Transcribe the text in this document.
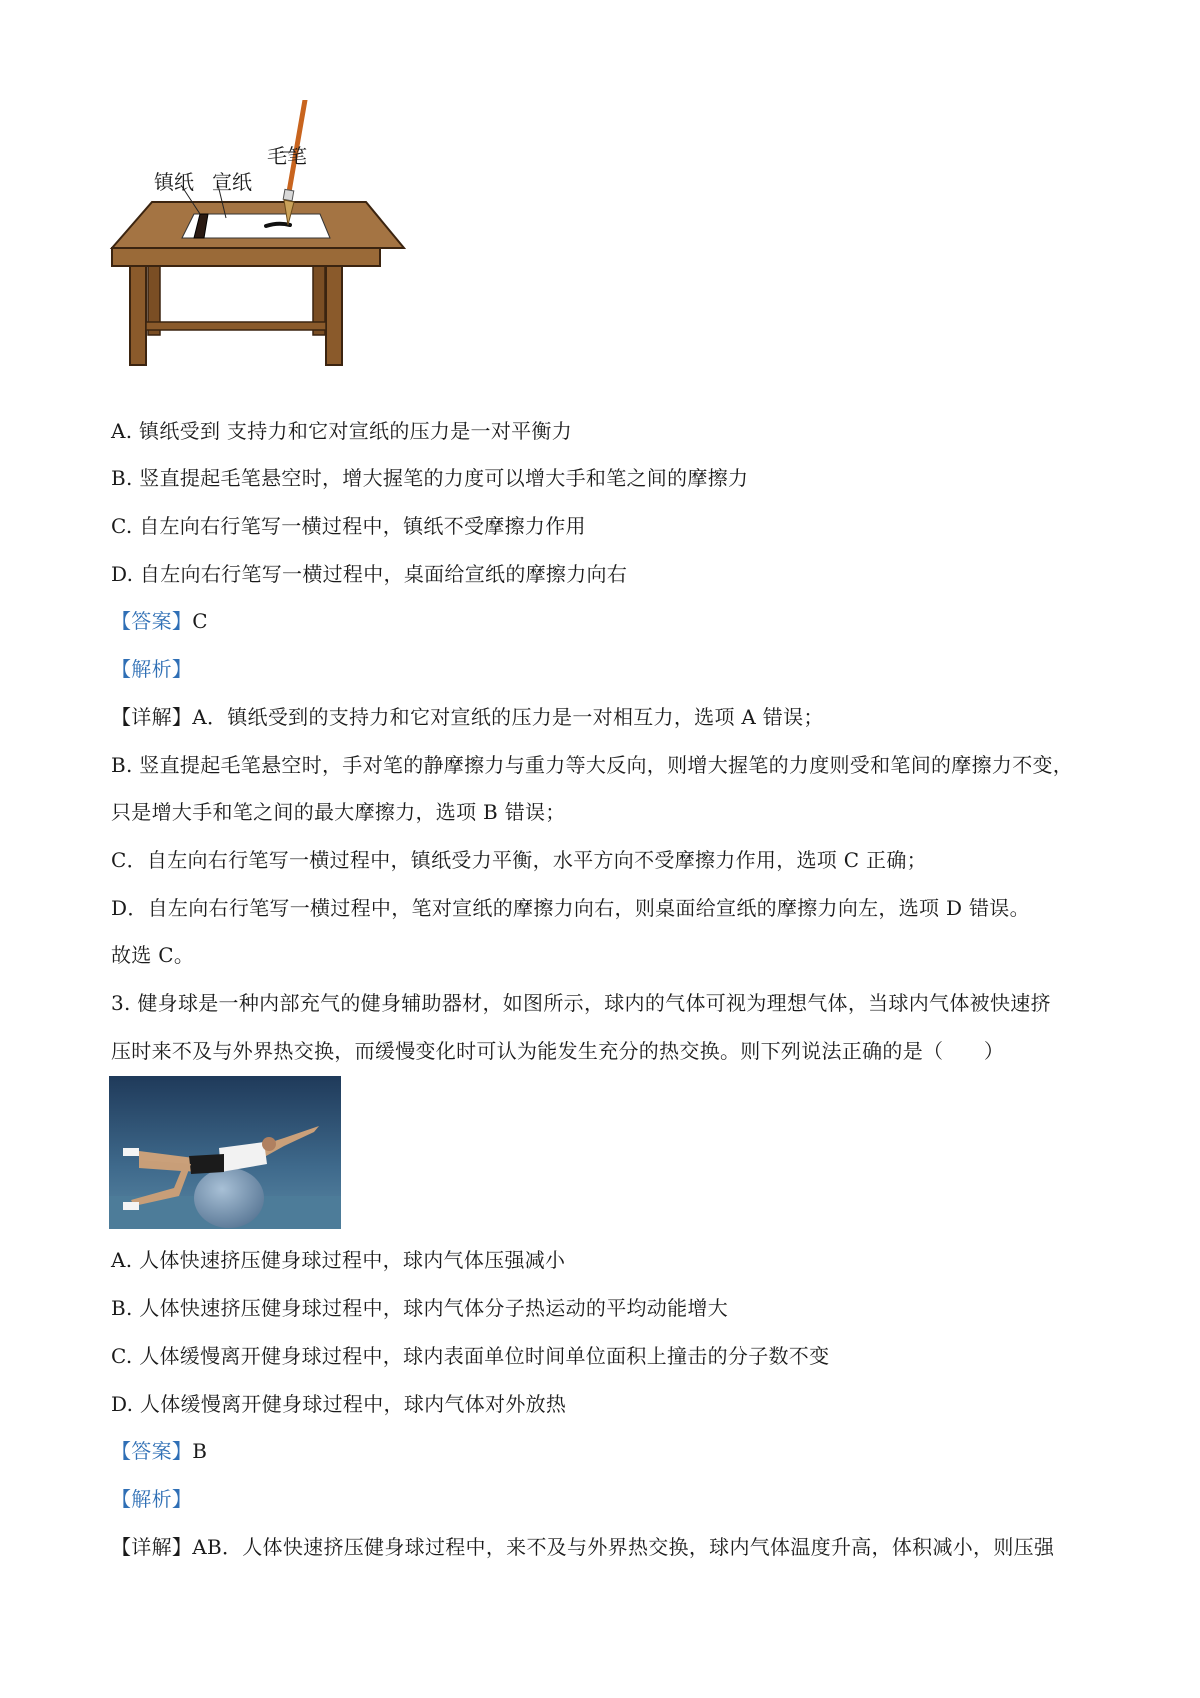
毛笔
镇纸 宣纸
A. 镇纸受到 支持力和它对宣纸的压力是一对平衡力
B. 竖直提起毛笔悬空时，增大握笔的力度可以增大手和笔之间的摩擦力
C. 自左向右行笔写一横过程中，镇纸不受摩擦力作用
D. 自左向右行笔写一横过程中，桌面给宣纸的摩擦力向右
【答案】C
【解析】
【详解】A．镇纸受到的支持力和它对宣纸的压力是一对相互力，选项 A 错误；
B. 竖直提起毛笔悬空时，手对笔的静摩擦力与重力等大反向，则增大握笔的力度则受和笔间的摩擦力不变，
只是增大手和笔之间的最大摩擦力，选项 B 错误；
C．自左向右行笔写一横过程中，镇纸受力平衡，水平方向不受摩擦力作用，选项 C 正确；
D．自左向右行笔写一横过程中，笔对宣纸的摩擦力向右，则桌面给宣纸的摩擦力向左，选项 D 错误。
故选 C。
3. 健身球是一种内部充气的健身辅助器材，如图所示，球内的气体可视为理想气体，当球内气体被快速挤
压时来不及与外界热交换，而缓慢变化时可认为能发生充分的热交换。则下列说法正确的是（　　）
A. 人体快速挤压健身球过程中，球内气体压强减小
B. 人体快速挤压健身球过程中，球内气体分子热运动的平均动能增大
C. 人体缓慢离开健身球过程中，球内表面单位时间单位面积上撞击的分子数不变
D. 人体缓慢离开健身球过程中，球内气体对外放热
【答案】B
【解析】
【详解】AB．人体快速挤压健身球过程中，来不及与外界热交换，球内气体温度升高，体积减小，则压强
